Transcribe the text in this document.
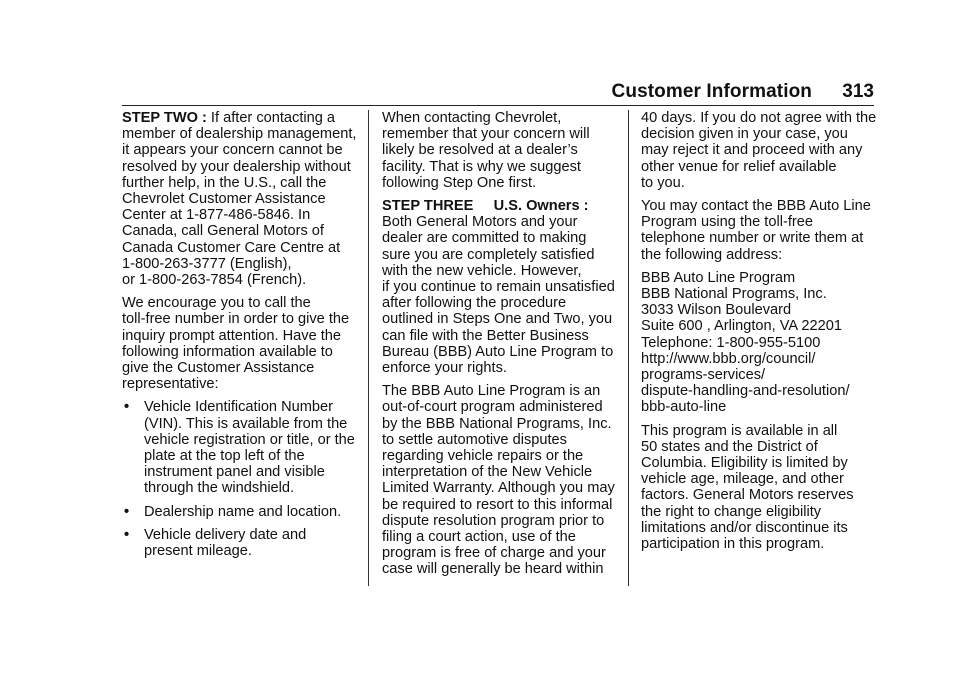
Customer Information 313

STEP TWO : If after contacting a
member of dealership management,
it appears your concern cannot be
resolved by your dealership without
further help, in the U.S., call the
Chevrolet Customer Assistance
Center at 1-877-486-5846. In
Canada, call General Motors of
Canada Customer Care Centre at
1-800-263-3777 (English),
or 1-800-263-7854 (French).

We encourage you to call the
toll-free number in order to give the
inquiry prompt attention. Have the
following information available to
give the Customer Assistance
representative:

• Vehicle Identification Number
(VIN). This is available from the
vehicle registration or title, or the
plate at the top left of the
instrument panel and visible
through the windshield.
• Dealership name and location.
• Vehicle delivery date and
present mileage.

When contacting Chevrolet,
remember that your concern will
likely be resolved at a dealer’s
facility. That is why we suggest
following Step One first.

STEP THREE     U.S. Owners :
Both General Motors and your
dealer are committed to making
sure you are completely satisfied
with the new vehicle. However,
if you continue to remain unsatisfied
after following the procedure
outlined in Steps One and Two, you
can file with the Better Business
Bureau (BBB) Auto Line Program to
enforce your rights.

The BBB Auto Line Program is an
out-of-court program administered
by the BBB National Programs, Inc.
to settle automotive disputes
regarding vehicle repairs or the
interpretation of the New Vehicle
Limited Warranty. Although you may
be required to resort to this informal
dispute resolution program prior to
filing a court action, use of the
program is free of charge and your
case will generally be heard within

40 days. If you do not agree with the
decision given in your case, you
may reject it and proceed with any
other venue for relief available
to you.

You may contact the BBB Auto Line
Program using the toll-free
telephone number or write them at
the following address:

BBB Auto Line Program
BBB National Programs, Inc.
3033 Wilson Boulevard
Suite 600 , Arlington, VA 22201
Telephone: 1-800-955-5100
http://www.bbb.org/council/
programs-services/
dispute-handling-and-resolution/
bbb-auto-line

This program is available in all
50 states and the District of
Columbia. Eligibility is limited by
vehicle age, mileage, and other
factors. General Motors reserves
the right to change eligibility
limitations and/or discontinue its
participation in this program.
